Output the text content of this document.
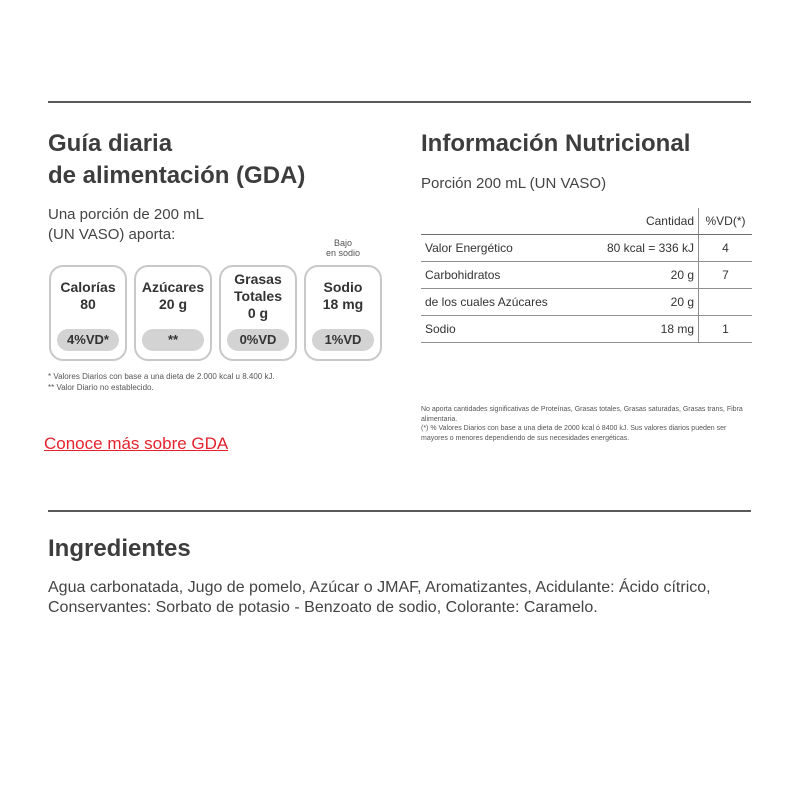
Guía diaria
de alimentación (GDA)
Una porción de 200 mL
(UN VASO) aporta:	Bajo
en sodio
Calorías
80
4%VD*
Azúcares
20 g
**
Grasas
Totales
0 g
0%VD
Sodio
18 mg
1%VD
* Valores Diarios con base a una dieta de 2.000 kcal u 8.400 kJ.
** Valor Diario no establecido.
Conoce más sobre GDA
Información Nutricional
Porción 200 mL (UN VASO)
Cantidad %VD(*)
Valor Energético	80 kcal = 336 kJ	4
Carbohidratos	20 g	7
de los cuales Azúcares	20 g
Sodio	18 mg	1
No aporta cantidades significativas de Proteínas, Grasas totales, Grasas saturadas, Grasas trans, Fibra alimentaria.
(*) % Valores Diarios con base a una dieta de 2000 kcal ó 8400 kJ. Sus valores diarios pueden ser mayores o menores dependiendo de sus necesidades energéticas.
Ingredientes
Agua carbonatada, Jugo de pomelo, Azúcar o JMAF, Aromatizantes, Acidulante: Ácido cítrico, Conservantes: Sorbato de potasio - Benzoato de sodio, Colorante: Caramelo.
